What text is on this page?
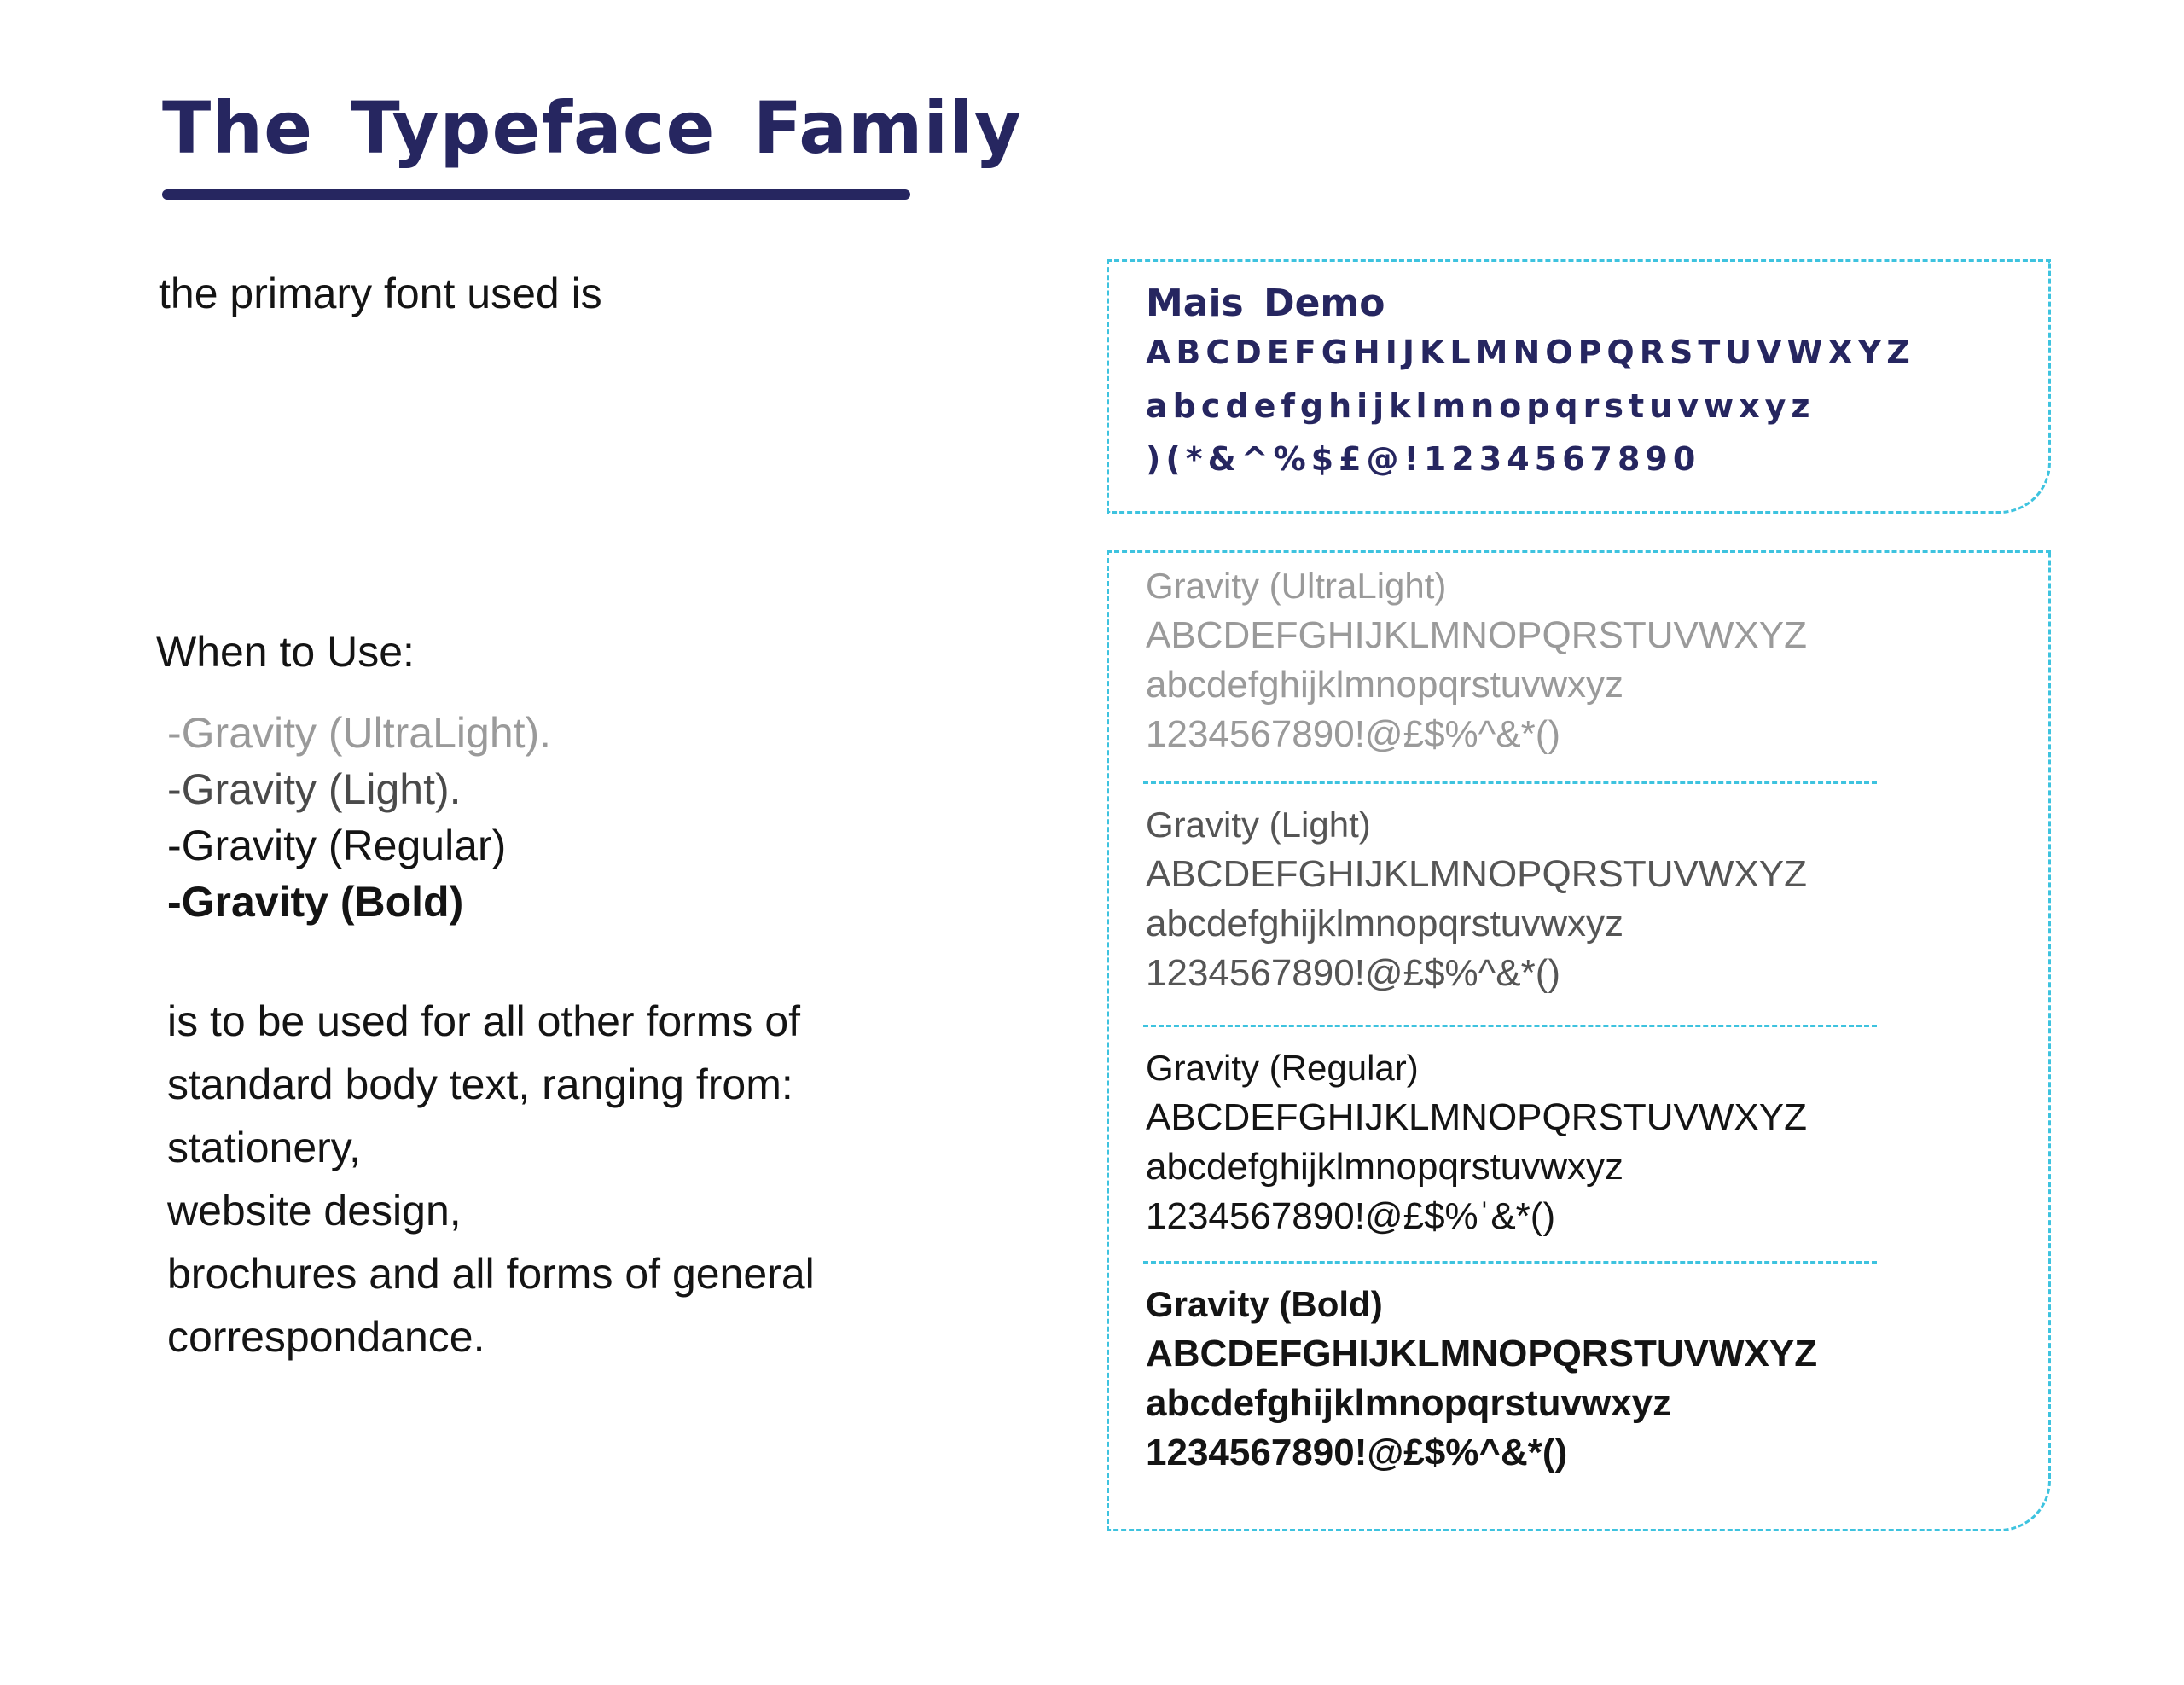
The Typeface Family
the primary font used is
When to Use:
-Gravity (UltraLight).
-Gravity (Light).
-Gravity (Regular)
-Gravity (Bold)
is to be used for all other forms of
standard body text, ranging from:
stationery,
website design,
brochures and all forms of general
correspondance.
Mais Demo
ABCDEFGHIJKLMNOPQRSTUVWXYZ
abcdefghijklmnopqrstuvwxyz
)(*&^%$£@!1234567890
Gravity (UltraLight)
ABCDEFGHIJKLMNOPQRSTUVWXYZ
abcdefghijklmnopqrstuvwxyz
1234567890!@£$%^&*()
Gravity (Light)
ABCDEFGHIJKLMNOPQRSTUVWXYZ
abcdefghijklmnopqrstuvwxyz
1234567890!@£$%^&*()
Gravity (Regular)
ABCDEFGHIJKLMNOPQRSTUVWXYZ
abcdefghijklmnopqrstuvwxyz
1234567890!@£$%ˈ&*()
Gravity (Bold)
ABCDEFGHIJKLMNOPQRSTUVWXYZ
abcdefghijklmnopqrstuvwxyz
1234567890!@£$%^&*()
